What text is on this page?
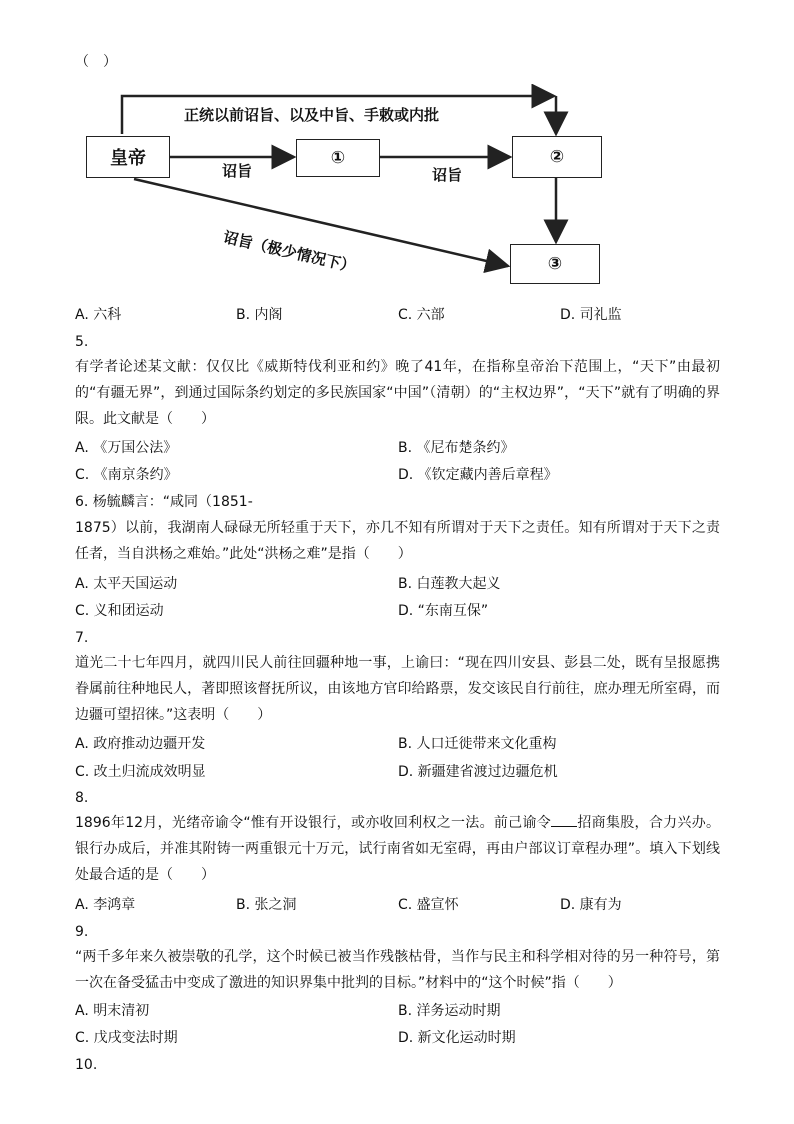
（　）
皇帝	①	②
③
正统以前诏旨、以及中旨、手敕或内批
诏旨	诏旨
诏旨（极少情况下）
A. 六科	B. 内阁	C. 六部	D. 司礼监
5.
有学者论述某文献：仅仅比《威斯特伐利亚和约》晚了41年，在指称皇帝治下范围上，“天下”由最初的“有疆无界”，到通过国际条约划定的多民族国家“中国”（清朝）的“主权边界”，“天下”就有了明确的界限。此文献是（　　）
A. 《万国公法》	B. 《尼布楚条约》
C. 《南京条约》	D. 《钦定藏内善后章程》
6. 杨毓麟言：“咸同（1851-
1875）以前，我湖南人碌碌无所轻重于天下，亦几不知有所谓对于天下之责任。知有所谓对于天下之责任者，当自洪杨之难始。”此处“洪杨之难”是指（　　）
A. 太平天国运动	B. 白莲教大起义
C. 义和团运动	D. “东南互保”
7.
道光二十七年四月，就四川民人前往回疆种地一事，上谕曰：“现在四川安县、彭县二处，既有呈报愿携眷属前往种地民人，著即照该督抚所议，由该地方官印给路票，发交该民自行前往，庶办理无所室碍，而边疆可望招徕。”这表明（　　）
A. 政府推动边疆开发	B. 人口迁徙带来文化重构
C. 改土归流成效明显	D. 新疆建省渡过边疆危机
8.
1896年12月，光绪帝谕令“惟有开设银行，或亦收回利权之一法。前己谕令 招商集股，合力兴办。银行办成后，并准其附铸一两重银元十万元，试行南省如无室碍，再由户部议订章程办理”。填入下划线处最合适的是（　　）
A. 李鸿章	B. 张之洞	C. 盛宣怀	D. 康有为
9.
“两千多年来久被崇敬的孔学，这个时候已被当作残骸枯骨，当作与民主和科学相对待的另一种符号，第一次在备受猛击中变成了激进的知识界集中批判的目标。”材料中的“这个时候”指（　　）
A. 明末清初	B. 洋务运动时期
C. 戊戌变法时期	D. 新文化运动时期
10.
